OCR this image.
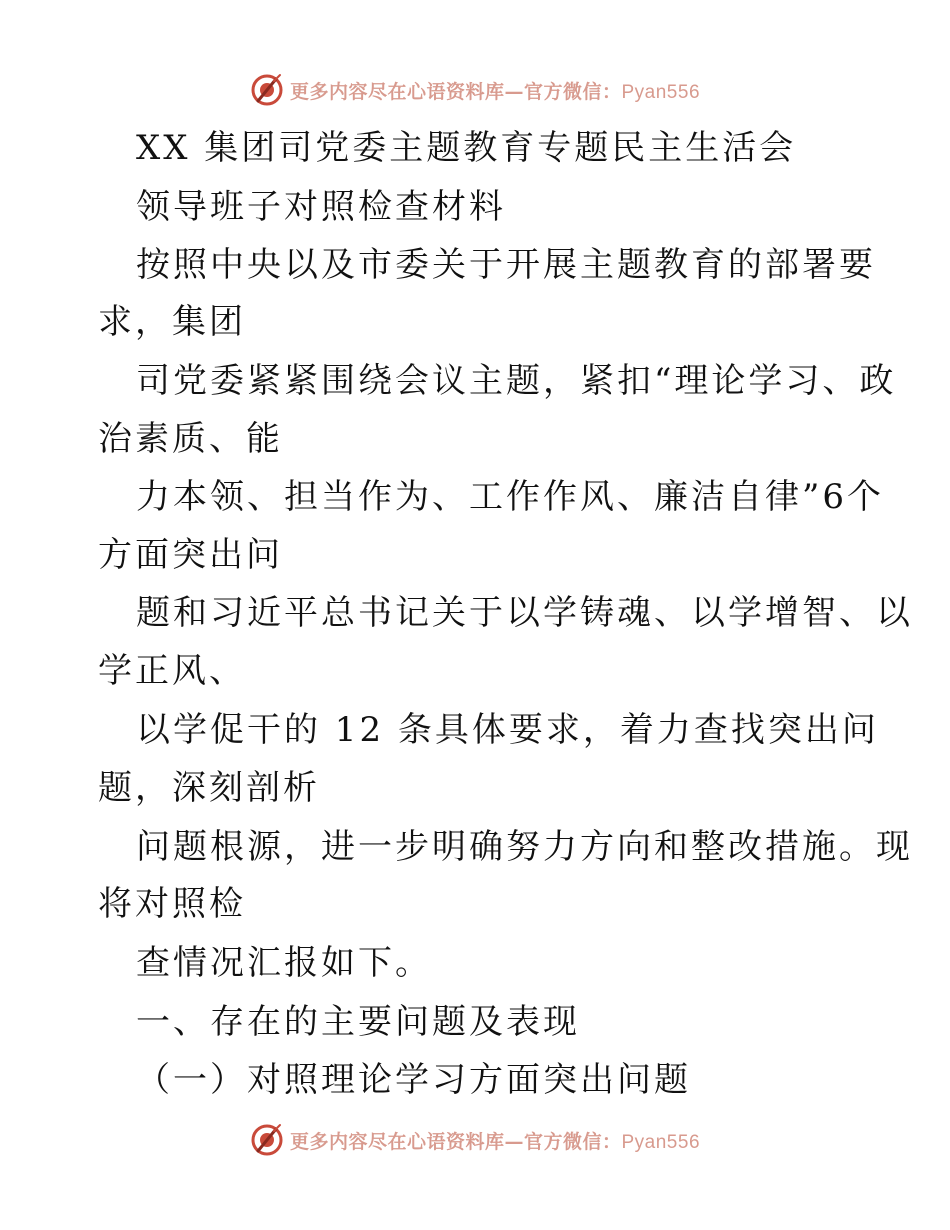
更多内容尽在心语资料库—官方微信：Pyan556
XX 集团司党委主题教育专题民主生活会
领导班子对照检查材料
按照中央以及市委关于开展主题教育的部署要
求，集团
司党委紧紧围绕会议主题，紧扣“理论学习、政
治素质、能
力本领、担当作为、工作作风、廉洁自律”6个
方面突出问
题和习近平总书记关于以学铸魂、以学增智、以
学正风、
以学促干的 12 条具体要求，着力查找突出问
题，深刻剖析
问题根源，进一步明确努力方向和整改措施。现
将对照检
查情况汇报如下。
一、存在的主要问题及表现
（一）对照理论学习方面突出问题
更多内容尽在心语资料库—官方微信：Pyan556
